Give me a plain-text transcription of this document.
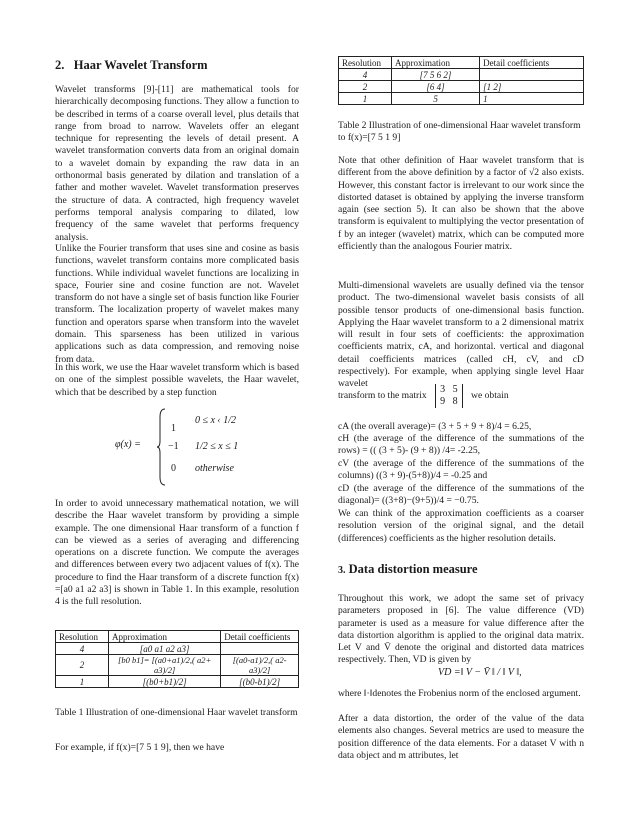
2.   Haar Wavelet Transform

Wavelet transforms [9]-[11] are mathematical tools for hierarchically decomposing functions. They allow a function to be described in terms of a coarse overall level, plus details that range from broad to narrow. Wavelets offer an elegant technique for representing the levels of detail present. A wavelet transformation converts data from an original domain to a wavelet domain by expanding the raw data in an orthonormal basis generated by dilation and translation of a father and mother wavelet. Wavelet transformation preserves the structure of data. A contracted, high frequency wavelet performs temporal analysis comparing to dilated, low frequency of the same wavelet that performs frequency analysis.

Unlike the Fourier transform that uses sine and cosine as basis functions, wavelet transform contains more complicated basis functions. While individual wavelet functions are localizing in space, Fourier sine and cosine function are not. Wavelet transform do not have a single set of basis function like Fourier transform. The localization property of wavelet makes many function and operators sparse when transform into the wavelet domain. This sparseness has been utilized in various applications such as data compression, and removing noise from data.

In this work, we use the Haar wavelet transform which is based on one of the simplest possible wavelets, the Haar wavelet, which that be described by a step function

φ(x) =
1
0 ≤ x ‹ 1/2
−1 1/2 ≤ x ≤ 1
0 otherwise

In order to avoid unnecessary mathematical notation, we will describe the Haar wavelet transform by providing a simple example. The one dimensional Haar transform of a function f can be viewed as a series of averaging and differencing operations on a discrete function. We compute the averages and differences between every two adjacent values of f(x). The procedure to find the Haar transform of a discrete function f(x) =[a0 a1 a2 a3] is shown in Table 1. In this example, resolution 4 is the full resolution.

Resolution	Approximation	Detail coefficients
4	[a0 a1 a2 a3]	
2	[b0 b1]= [(a0+a1)/2,( a2+ a3)/2]	[(a0-a1)/2,( a2- a3)/2]
1	[(b0+b1)/2]	[(b0-b1)/2]
Table 1 Illustration of one-dimensional Haar wavelet transform

For example, if f(x)=[7 5 1 9], then we have

Resolution	Approximation	Detail coefficients
4	[7 5 6 2]	
2	[6 4]	[1 2]
1	5	1
Table 2 Illustration of one-dimensional Haar wavelet transform to f(x)=[7 5 1 9]

Note that other definition of Haar wavelet transform that is different from the above definition by a factor of √2 also exists. However, this constant factor is irrelevant to our work since the distorted dataset is obtained by applying the inverse transform again (see section 5). It can also be shown that the above transform is equivalent to multiplying the vector presentation of f by an integer (wavelet) matrix, which can be computed more efficiently than the analogous Fourier matrix.

Multi-dimensional wavelets are usually defined via the tensor product. The two-dimensional wavelet basis consists of all possible tensor products of one-dimensional basis function. Applying the Haar wavelet transform to a 2 dimensional matrix will result in four sets of coefficients: the approximation coefficients matrix, cA, and horizontal. vertical and diagonal detail coefficients matrices (called cH, cV, and cD respectively). For example, when applying single level Haar wavelet

transform to the matrix
3   5
9   8
we obtain

cA (the overall average)= (3 + 5 + 9 + 8)/4 = 6.25,

cH (the average of the difference of the summations of the rows) = (( (3 + 5)- (9 + 8)) /4= -2.25,

cV (the average of the difference of the summations of the columns) ((3 + 9)-(5+8))/4 = -0.25 and

cD (the average of the difference of the summations of the diagonal)= ((3+8)−(9+5))/4 = −0.75.

We can think of the approximation coefficients as a coarser resolution version of the original signal, and the detail (differences) coefficients as the higher resolution details.

3. Data distortion measure

Throughout this work, we adopt the same set of privacy parameters proposed in [6]. The value difference (VD) parameter is used as a measure for value difference after the data distortion algorithm is applied to the original data matrix. Let V and V̄ denote the original and distorted data matrices respectively. Then, VD is given by

VD =‖ V − V̄ ‖ / ‖ V ‖,

where ‖·‖denotes the Frobenius norm of the enclosed argument.

After a data distortion, the order of the value of the data elements also changes. Several metrics are used to measure the position difference of the data elements. For a dataset V with n data object and m attributes, let
